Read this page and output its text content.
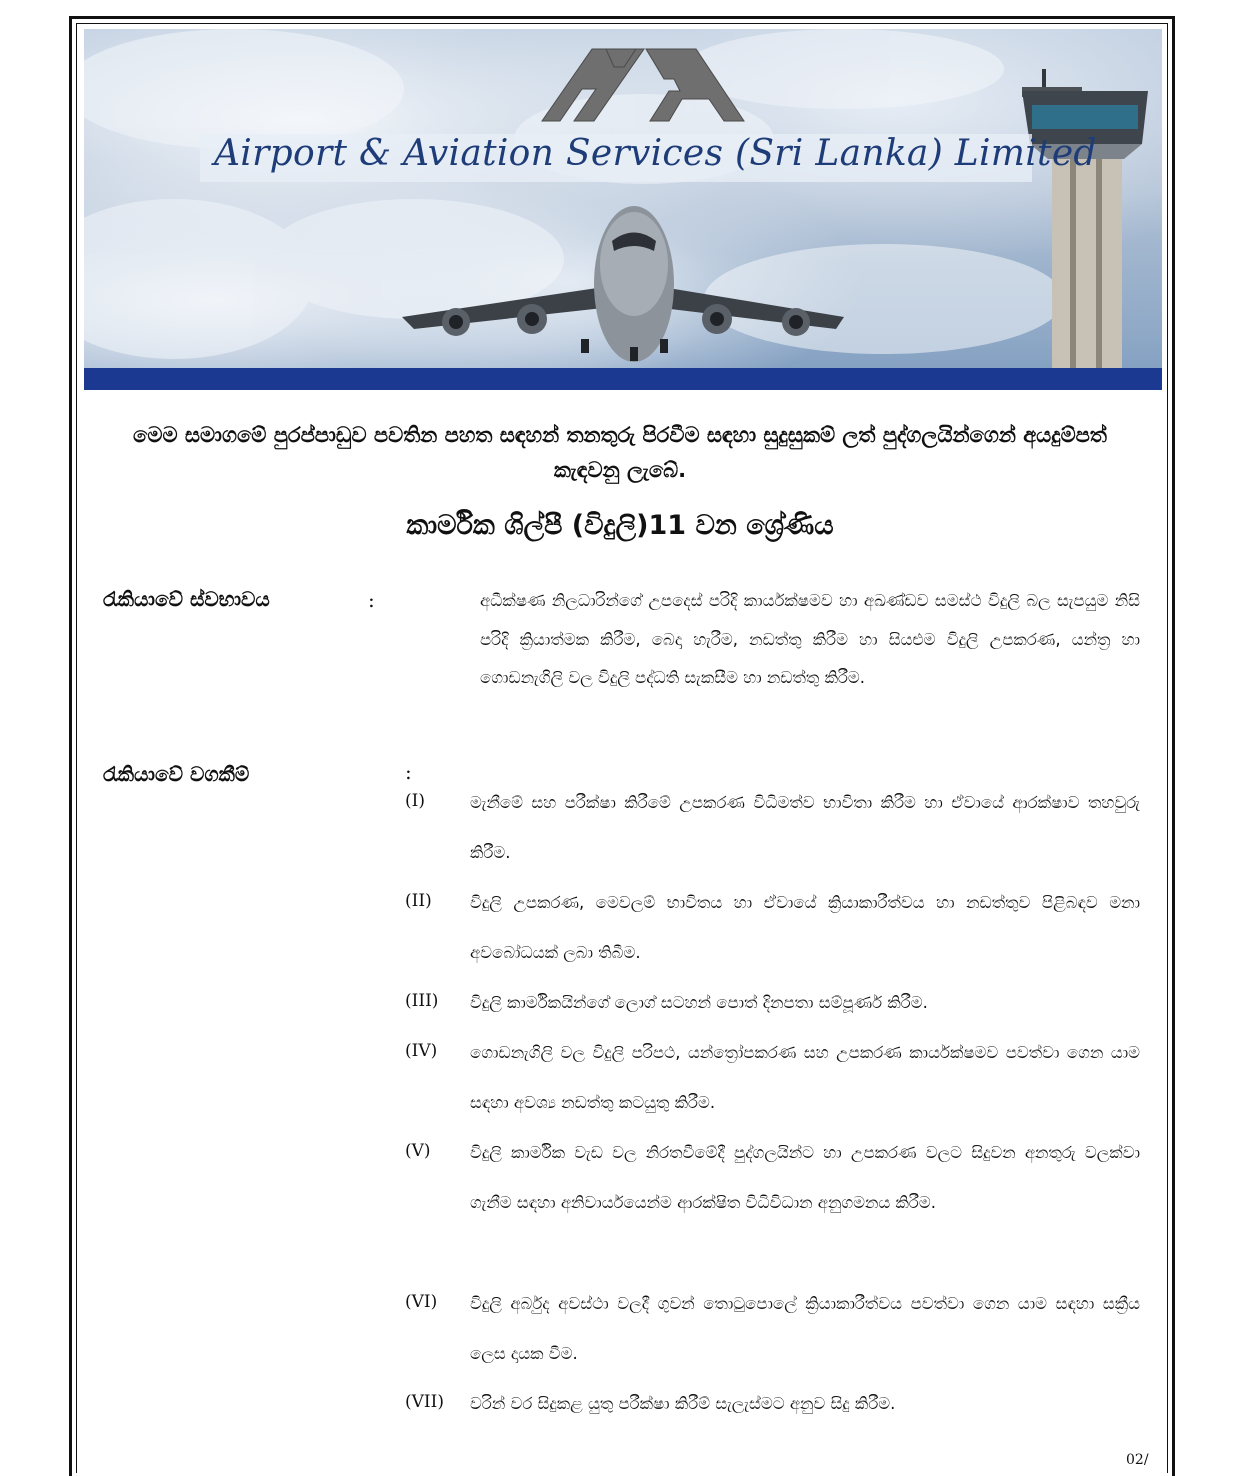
Airport & Aviation Services (Sri Lanka) Limited
මෙම සමාගමේ පුරප්පාඩුව පවතින පහත සඳහන් තනතුරු පිරවීම සඳහා සුදුසුකම් ලත් පුද්ගලයින්ගෙන් අයදුම්පත් කැඳවනු ලැබේ.
කාර්මික ශිල්පී (විදුලි)11 වන ශ්‍රේණිය
රැකියාවේ ස්වභාවය	:	අධීක්ෂණ නිලධාරින්ගේ උපදෙස් පරිදි කාර්යක්ෂමව හා අඛණ්ඩව සමස්ථ විදුලි බල සැපයුම නිසි පරිදි ක්‍රියාත්මක කිරීම, බෙදා හැරීම, නඩත්තු කිරීම හා සියළුම විදුලි උපකරණ, යන්ත්‍ර හා ගොඩනැගිලි වල විදුලි පද්ධති සැකසීම හා නඩත්තු කිරීම.
රැකියාවේ වගකීම්	:
(I)	මැනීමේ සහ පරීක්ෂා කිරීමේ උපකරණ විධිමත්ව භාවිතා කිරීම හා ඒවායේ ආරක්ෂාව තහවුරු කිරීම.
(II) විදුලි උපකරණ, මෙවලම් භාවිතය හා ඒවායේ ක්‍රියාකාරීත්වය හා නඩත්තුව පිළිබඳව මනා අවබෝධයක් ලබා තිබීම.
(III) විදුලි කාර්මිකයින්ගේ ලොග් සටහන් පොත් දිනපතා සම්පූර්ණ කිරීම.
(IV) ගොඩනැගිලි වල විදුලි පරිපථ, යන්ත්‍රෝපකරණ සහ උපකරණ කාර්යක්ෂමව පවත්වා ගෙන යාම සඳහා අවශ්‍ය නඩත්තු කටයුතු කිරීම.
(V) විදුලි කාර්මික වැඩ වල නිරතවීමේදී පුද්ගලයින්ට හා උපකරණ වලට සිදුවන අනතුරු වලක්වා ගැනීම සඳහා අනිවාර්යයෙන්ම ආරක්ෂිත විධිවිධාන අනුගමනය කිරීම.
(VI) විදුලි අර්බුද අවස්ථා වලදී ගුවන් තොටුපොලේ ක්‍රියාකාරීත්වය පවත්වා ගෙන යාම සඳහා සක්‍රීය ලෙස දායක වීම.
(VII) වරින් වර සිදුකළ යුතු පරීක්ෂා කිරීම් සැලැස්මට අනුව සිදු කිරීම.
02/
